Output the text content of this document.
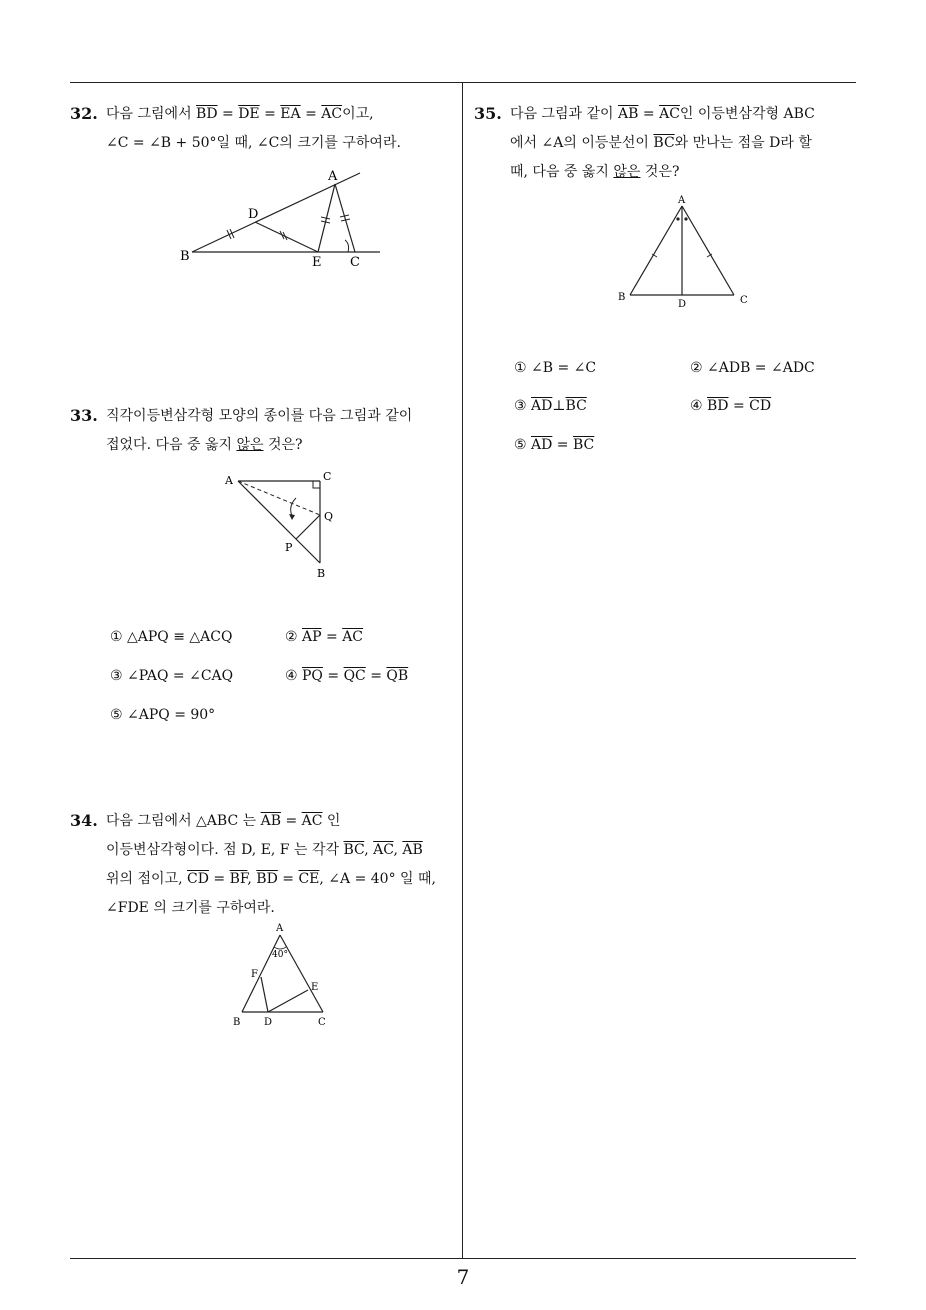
32. 다음 그림에서 $\overline{BD} = \overline{DE} = \overline{EA} = \overline{AC}$이고,
∠C = ∠B + 50°일 때, ∠C의 크기를 구하여라.
A
B	C
D
E
33. 직각이등변삼각형 모양의 종이를 다음 그림과 같이
접었다. 다음 중 옳지 않은 것은?
A	C
Q
P
B
① △APQ ≡ △ACQ	② $\overline{AP} = \overline{AC}$
③ ∠PAQ = ∠CAQ	④ $\overline{PQ} = \overline{QC} = \overline{QB}$
⑤ ∠APQ = 90°
34. 다음 그림에서 △ABC 는 $\overline{AB} = \overline{AC}$ 인
이등변삼각형이다. 점 D, E, F 는 각각 $\overline{BC}$, $\overline{AC}$, $\overline{AB}$
위의 점이고, $\overline{CD} = \overline{BF}$, $\overline{BD} = \overline{CE}$, ∠A = 40° 일 때,
∠FDE 의 크기를 구하여라.
A
40°
F
E
B D	C
35. 다음 그림과 같이 $\overline{AB} = \overline{AC}$인 이등변삼각형 ABC
에서 ∠A의 이등분선이 $\overline{BC}$와 만나는 점을 D라 할
때, 다음 중 옳지 않은 것은?
A
B
D	C
① ∠B = ∠C	② ∠ADB = ∠ADC
③ $\overline{AD}\perp\overline{BC}$	④ $\overline{BD} = \overline{CD}$
⑤ $\overline{AD} = \overline{BC}$
7
